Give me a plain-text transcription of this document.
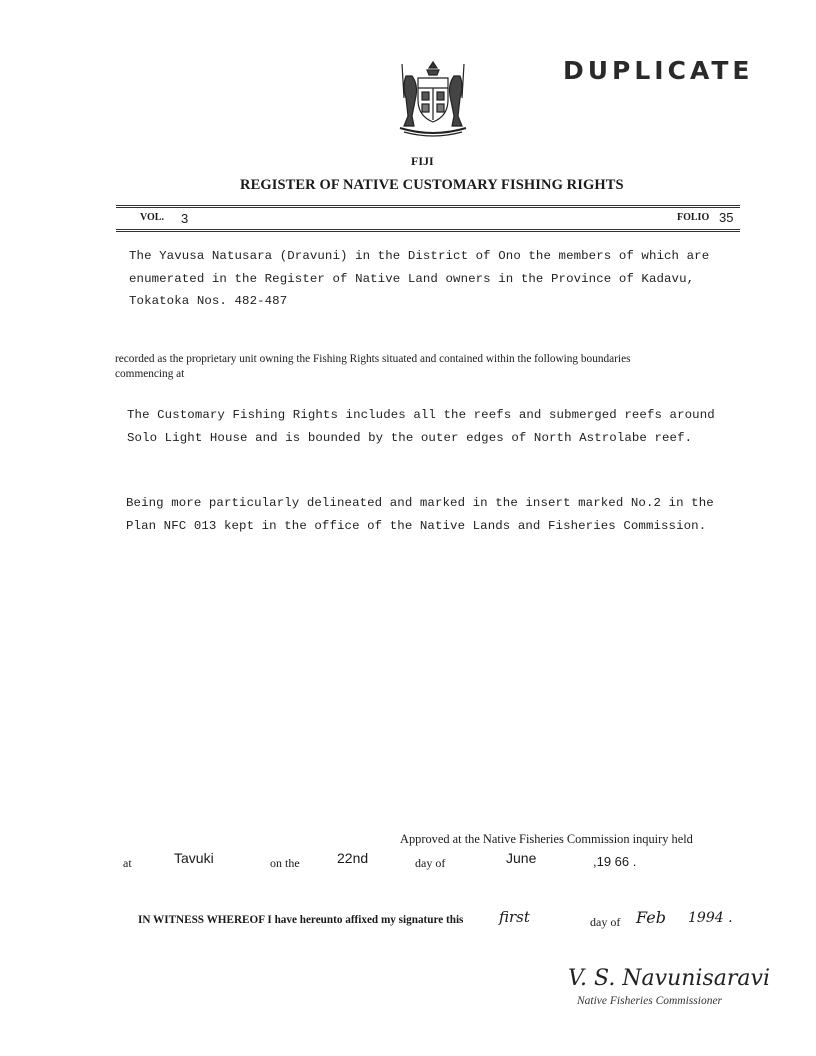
DUPLICATE
FIJI
REGISTER OF NATIVE CUSTOMARY FISHING RIGHTS
VOL. 3	FOLIO 35
The Yavusa Natusara (Dravuni) in the District of Ono the members of which are
enumerated in the Register of Native Land owners in the Province of Kadavu,
Tokatoka Nos. 482-487
recorded as the proprietary unit owning the Fishing Rights situated and contained within the following boundaries
commencing at
The Customary Fishing Rights includes all the reefs and submerged reefs around
Solo Light House and is bounded by the outer edges of North Astrolabe reef.
Being more particularly delineated and marked in the insert marked No.2 in the
Plan NFC 013 kept in the office of the Native Lands and Fisheries Commission.
Approved at the Native Fisheries Commission inquiry held
at	Tavuki	on the	22nd	day of	June	,19 66 .
IN WITNESS WHEREOF I have hereunto affixed my signature this first	day of Feb 1994 .
V. S. Navunisaravi
Native Fisheries Commissioner
